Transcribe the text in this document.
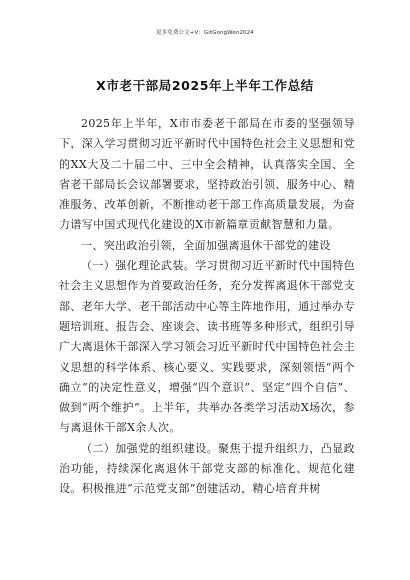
更多免费公文+V：GitGongWen2024
X市老干部局2025年上半年工作总结

2025年上半年，X市市委老干部局在市委的坚强领导下，深入学习贯彻习近平新时代中国特色社会主义思想和党的XX大及二十届二中、三中全会精神，认真落实全国、全省老干部局长会议部署要求，坚持政治引领、服务中心、精准服务、改革创新，不断推动老干部工作高质量发展，为奋力谱写中国式现代化建设的X市新篇章贡献智慧和力量。

一、突出政治引领，全面加强离退休干部党的建设

（一）强化理论武装。学习贯彻习近平新时代中国特色社会主义思想作为首要政治任务，充分发挥离退休干部党支部、老年大学、老干部活动中心等主阵地作用，通过举办专题培训班、报告会、座谈会、读书班等多种形式，组织引导广大离退休干部深入学习领会习近平新时代中国特色社会主义思想的科学体系、核心要义、实践要求，深刻领悟“两个确立”的决定性意义，增强“四个意识”、坚定“四个自信”、做到“两个维护”。上半年，共举办各类学习活动X场次，参与离退休干部X余人次。

（二）加强党的组织建设。聚焦于提升组织力，凸显政治功能，持续深化离退休干部党支部的标准化、规范化建设。积极推进“示范党支部”创建活动，精心培育并树
